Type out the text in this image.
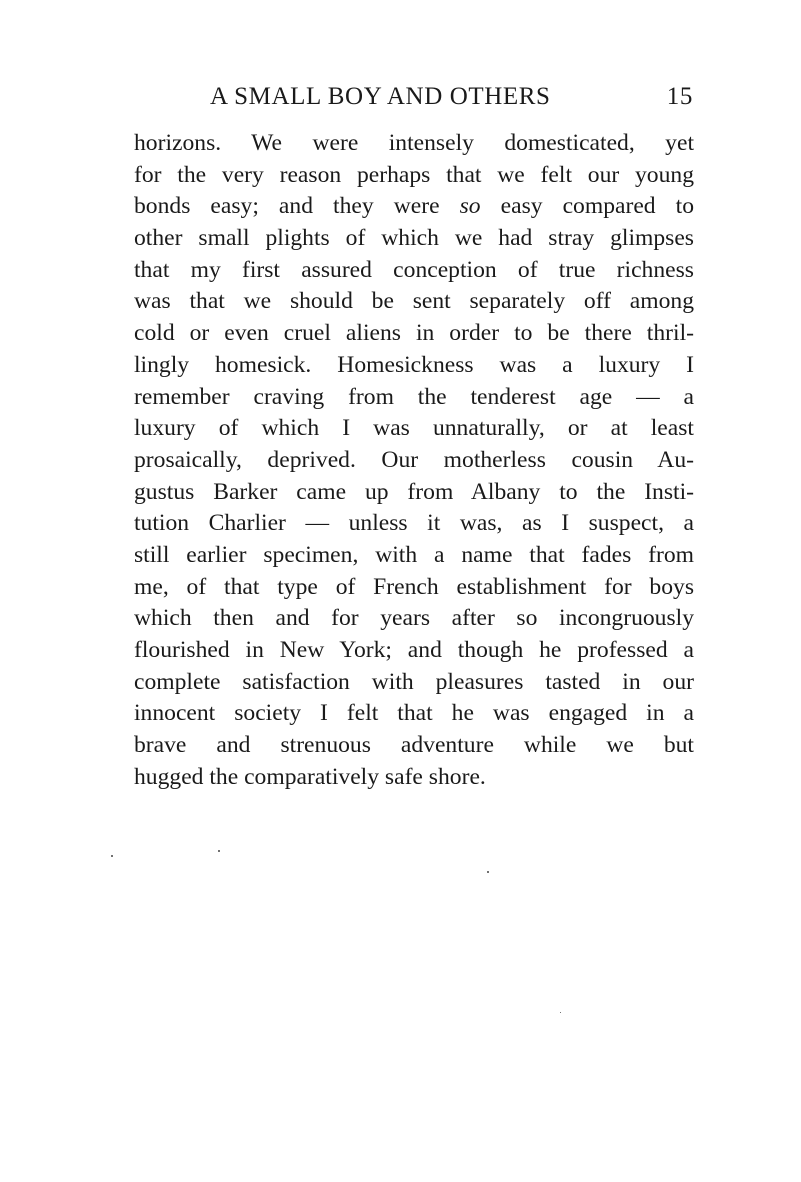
A SMALL BOY AND OTHERS	15
horizons. We were intensely domesticated, yet
for the very reason perhaps that we felt our young
bonds easy; and they were so easy compared to
other small plights of which we had stray glimpses
that my first assured conception of true richness
was that we should be sent separately off among
cold or even cruel aliens in order to be there thril-
lingly homesick. Homesickness was a luxury I
remember craving from the tenderest age — a
luxury of which I was unnaturally, or at least
prosaically, deprived. Our motherless cousin Au-
gustus Barker came up from Albany to the Insti-
tution Charlier — unless it was, as I suspect, a
still earlier specimen, with a name that fades from
me, of that type of French establishment for boys
which then and for years after so incongruously
flourished in New York; and though he professed a
complete satisfaction with pleasures tasted in our
innocent society I felt that he was engaged in a
brave and strenuous adventure while we but
hugged the comparatively safe shore.
